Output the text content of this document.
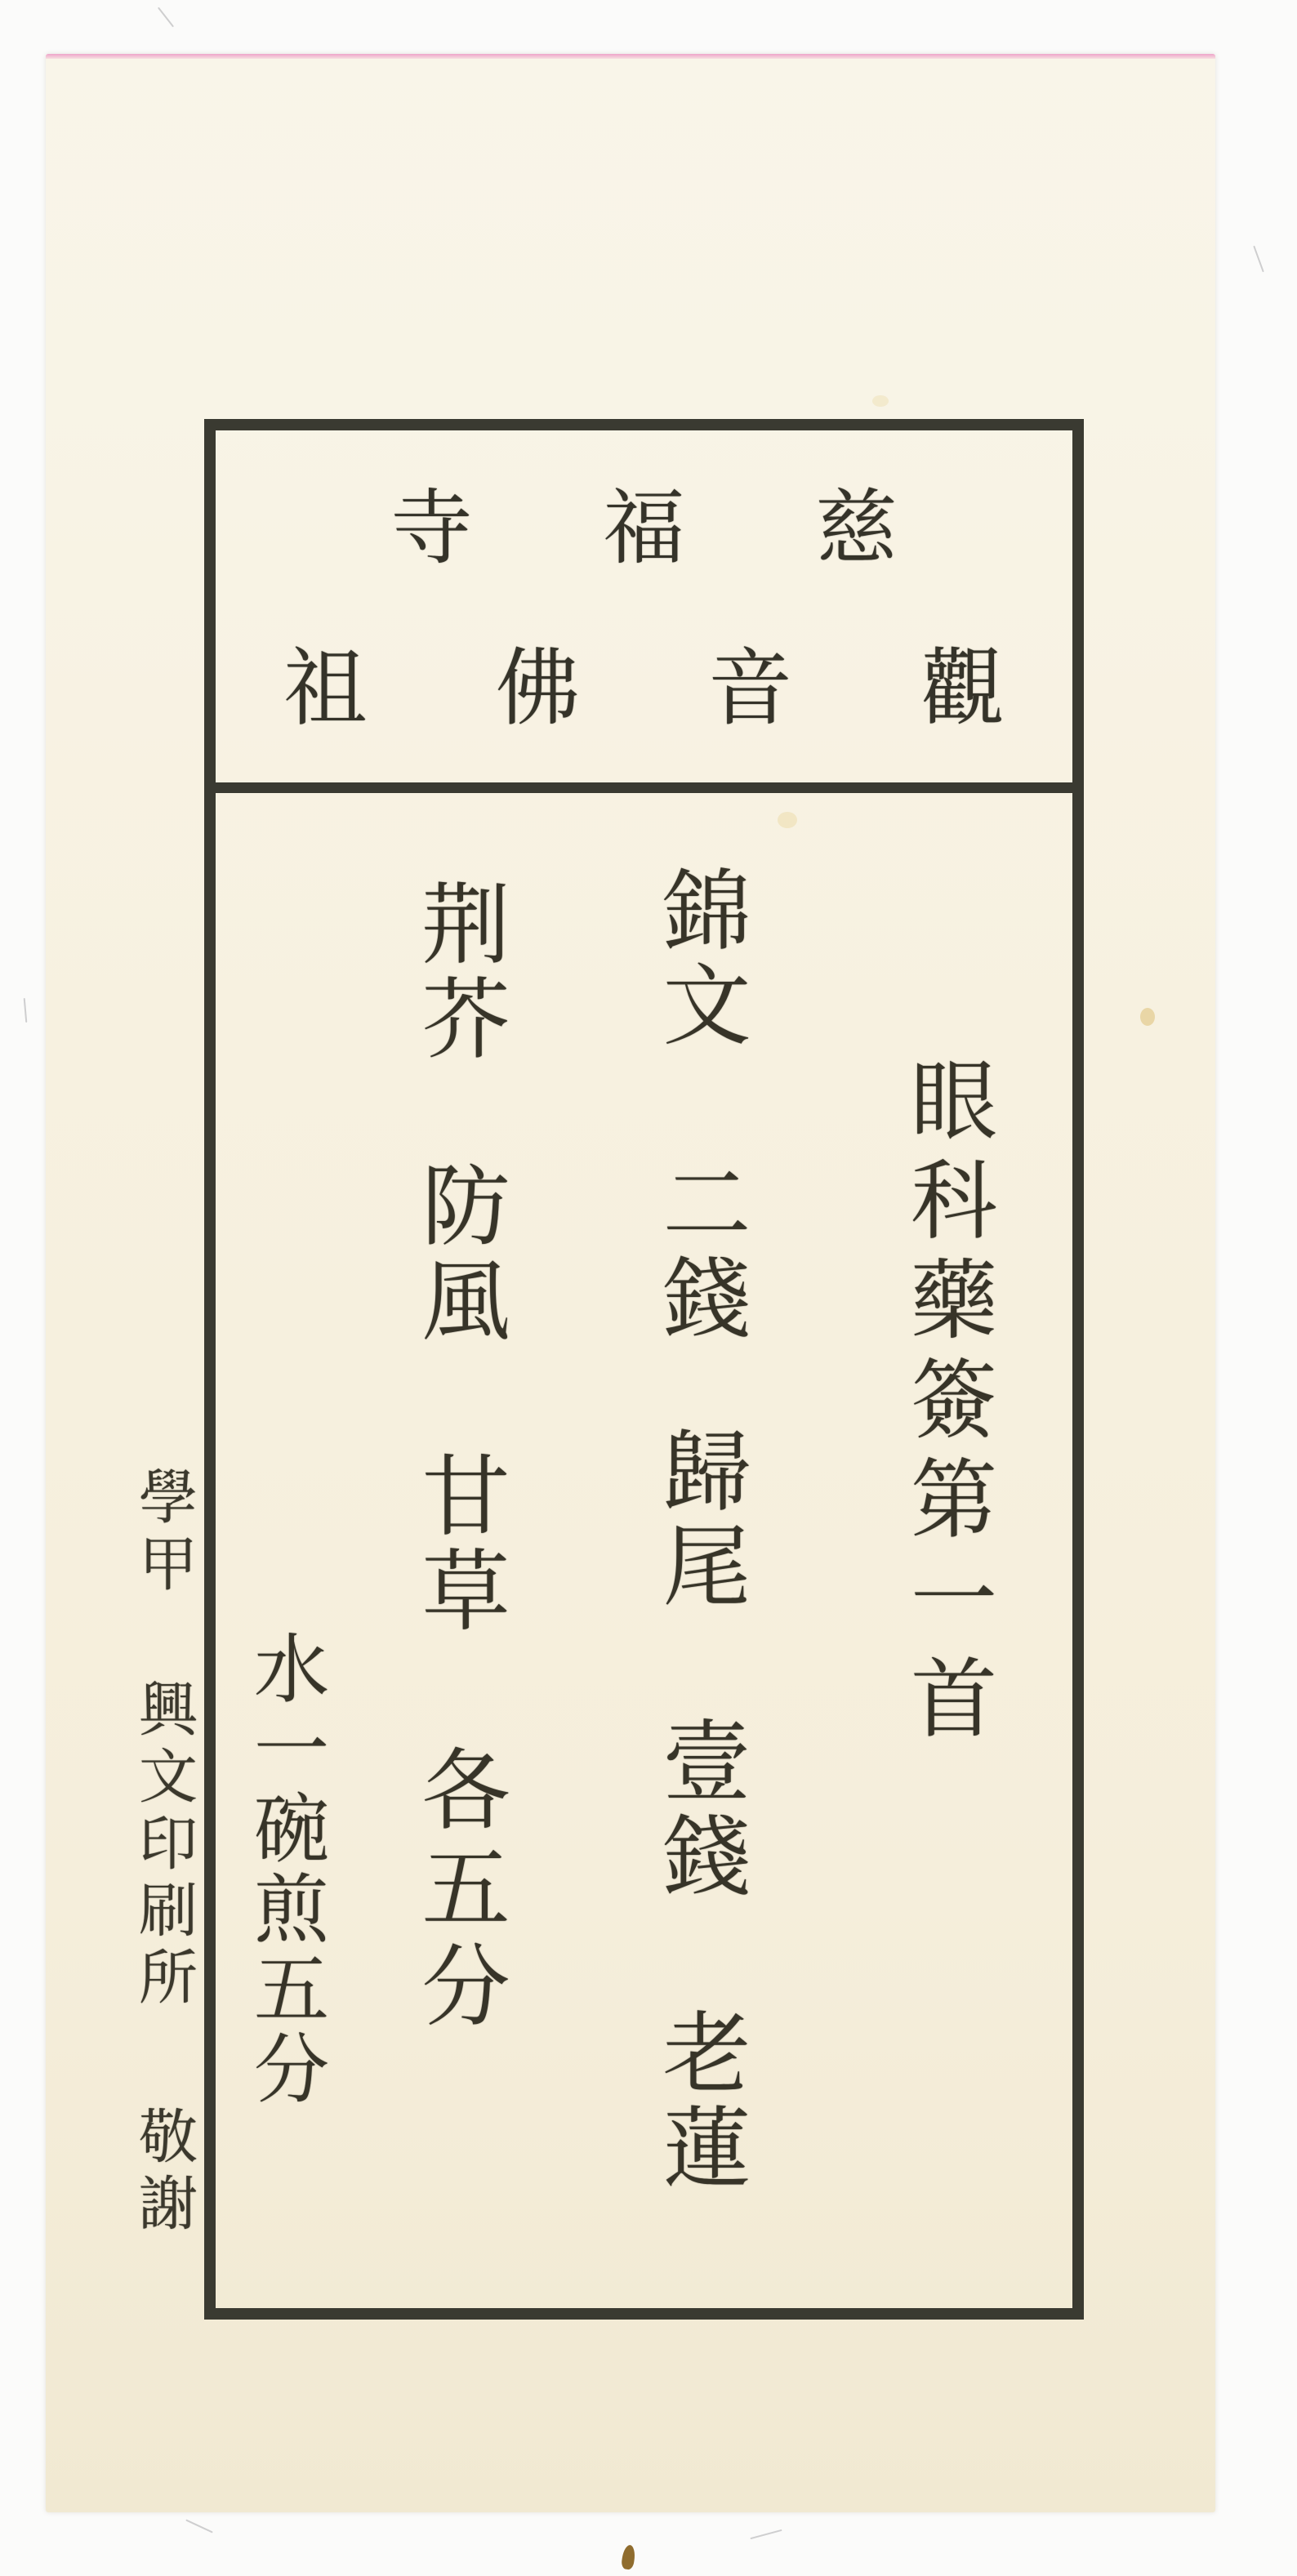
寺 福 慈
祖 佛 音 觀
眼科藥簽第一首
錦文
二錢
歸尾
壹錢
老蓮
荆芥
防風
甘草
各五分
水一碗煎五分
學甲
興文印刷所
敬謝
